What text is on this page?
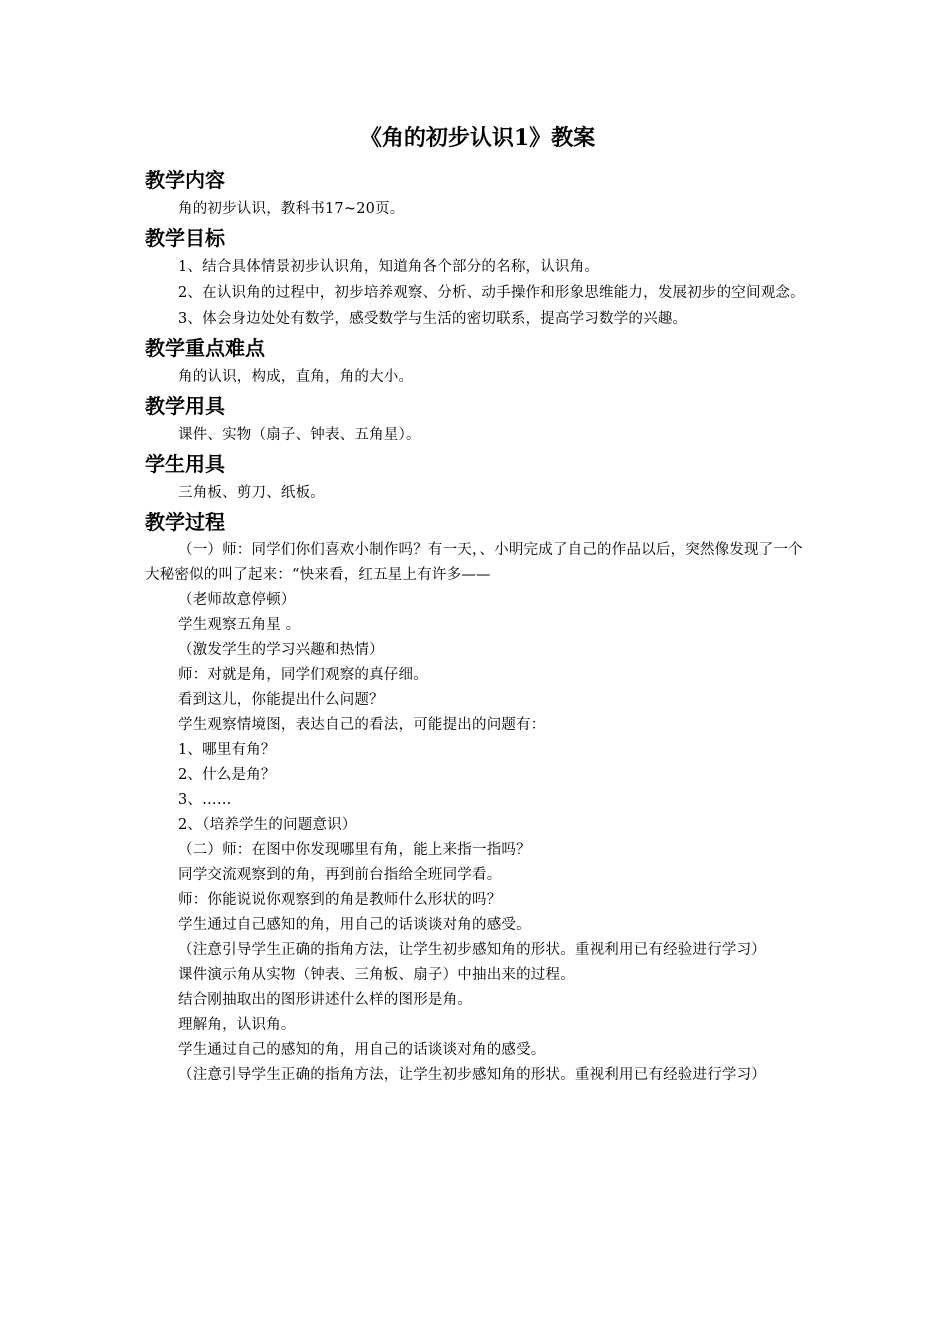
《角的初步认识1》教案
教学内容
角的初步认识，教科书17~20页。
教学目标
1、结合具体情景初步认识角，知道角各个部分的名称，认识角。
2、在认识角的过程中，初步培养观察、分析、动手操作和形象思维能力，发展初步的空间观念。
3、体会身边处处有数学，感受数学与生活的密切联系，提高学习数学的兴趣。
教学重点难点
角的认识，构成，直角，角的大小。
教学用具
课件、实物（扇子、钟表、五角星）。
学生用具
三角板、剪刀、纸板。
教学过程
（一）师：同学们你们喜欢小制作吗？有一天，、小明完成了自己的作品以后，突然像发现了一个大秘密似的叫了起来：“快来看，红五星上有许多——
（老师故意停顿）
学生观察五角星 。
（激发学生的学习兴趣和热情）
师：对就是角，同学们观察的真仔细。
看到这儿，你能提出什么问题？
学生观察情境图，表达自己的看法，可能提出的问题有：
1、哪里有角？
2、什么是角？
3、……
2、（培养学生的问题意识）
（二）师：在图中你发现哪里有角，能上来指一指吗？
同学交流观察到的角，再到前台指给全班同学看。
师：你能说说你观察到的角是教师什么形状的吗？
学生通过自己感知的角，用自己的话谈谈对角的感受。
（注意引导学生正确的指角方法，让学生初步感知角的形状。重视利用已有经验进行学习）
课件演示角从实物（钟表、三角板、扇子）中抽出来的过程。
结合刚抽取出的图形讲述什么样的图形是角。
理解角，认识角。
学生通过自己的感知的角，用自己的话谈谈对角的感受。
（注意引导学生正确的指角方法，让学生初步感知角的形状。重视利用已有经验进行学习）
